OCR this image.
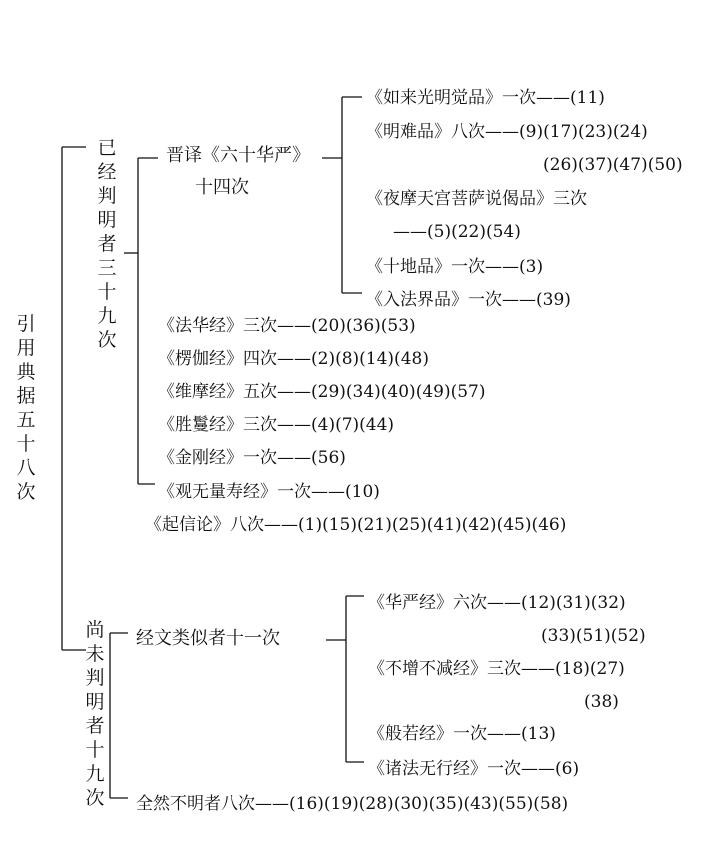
引用典据五十八次
已经判明者三十九次
尚未判明者十九次
晋译《六十华严》
十四次
《如来光明觉品》一次——(11)
《明难品》八次——(9)(17)(23)(24)
(26)(37)(47)(50)
《夜摩天宫菩萨说偈品》三次
——(5)(22)(54)
《十地品》一次——(3)
《入法界品》一次——(39)
《法华经》三次——(20)(36)(53)
《楞伽经》四次——(2)(8)(14)(48)
《维摩经》五次——(29)(34)(40)(49)(57)
《胜鬘经》三次——(4)(7)(44)
《金刚经》一次——(56)
《观无量寿经》一次——(10)
《起信论》八次——(1)(15)(21)(25)(41)(42)(45)(46)
经文类似者十一次
《华严经》六次——(12)(31)(32)
(33)(51)(52)
《不增不减经》三次——(18)(27)
(38)
《般若经》一次——(13)
《诸法无行经》一次——(6)
全然不明者八次——(16)(19)(28)(30)(35)(43)(55)(58)
